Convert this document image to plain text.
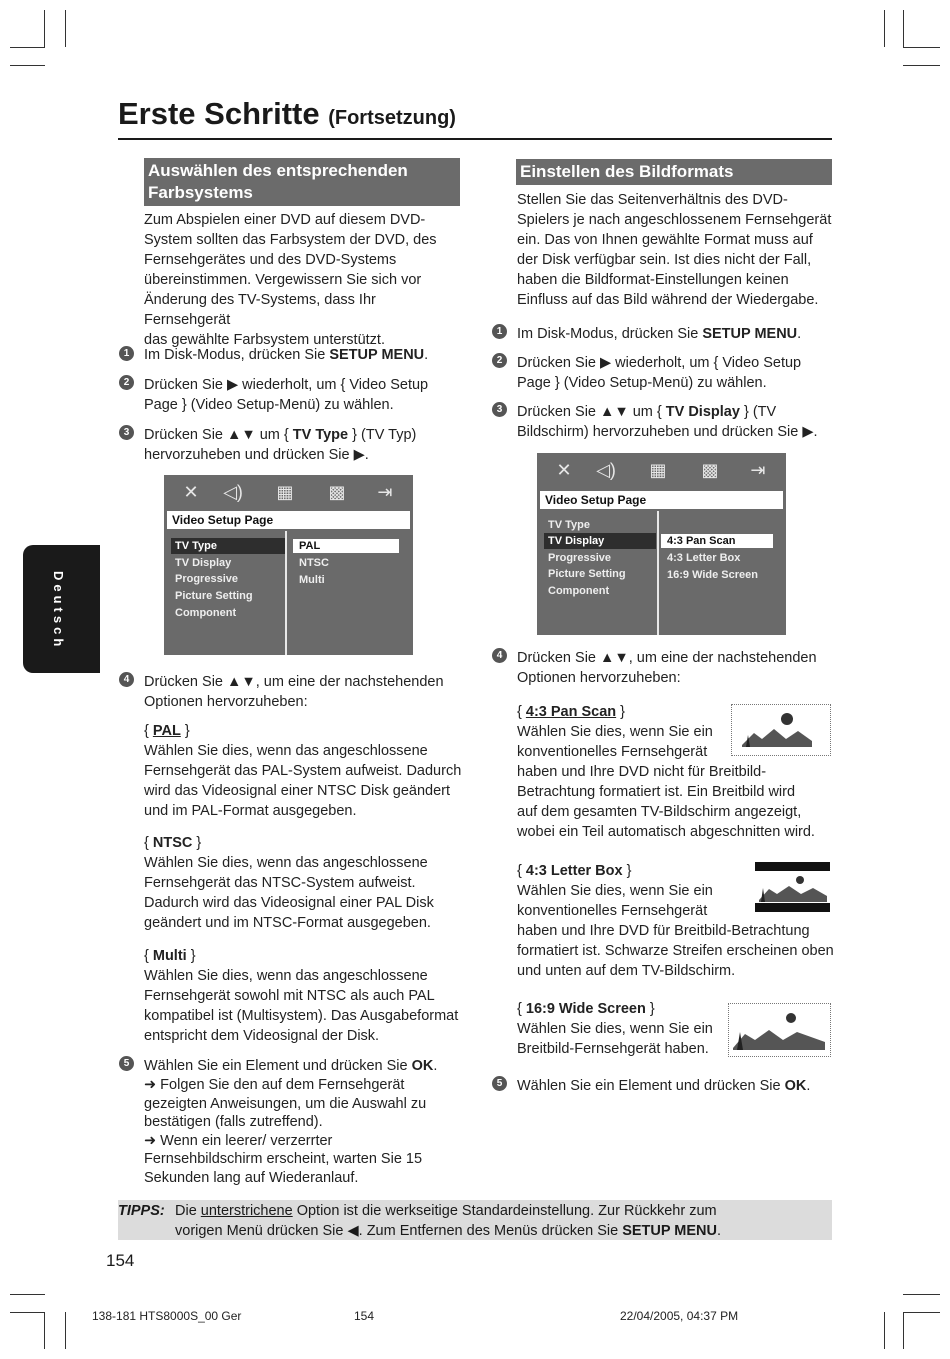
Erste Schritte (Fortsetzung)
Deutsch
Auswählen des entsprechenden
Farbsystems
Zum Abspielen einer DVD auf diesem DVD-
System sollten das Farbsystem der DVD, des
Fernsehgerätes und des DVD-Systems
übereinstimmen. Vergewissern Sie sich vor
Änderung des TV-Systems, dass Ihr Fernsehgerät
das gewählte Farbsystem unterstützt.
1	Im Disk-Modus, drücken Sie SETUP MENU.
2	Drücken Sie ▶ wiederholt, um { Video Setup
Page } (Video Setup-Menü) zu wählen.
3	Drücken Sie ▲▼ um { TV Type } (TV Typ)
hervorzuheben und drücken Sie ▶.
✕	◁) ▦ ▩	⇥
Video Setup Page
TV Type
TV Display
Progressive
Picture Setting
Component
PAL
NTSC
Multi
4	Drücken Sie ▲▼, um eine der nachstehenden
Optionen hervorzuheben:
{ PAL }
Wählen Sie dies, wenn das angeschlossene
Fernsehgerät das PAL-System aufweist. Dadurch
wird das Videosignal einer NTSC Disk geändert
und im PAL-Format ausgegeben.
{ NTSC }
Wählen Sie dies, wenn das angeschlossene
Fernsehgerät das NTSC-System aufweist.
Dadurch wird das Videosignal einer PAL Disk
geändert und im NTSC-Format ausgegeben.
{ Multi }
Wählen Sie dies, wenn das angeschlossene
Fernsehgerät sowohl mit NTSC als auch PAL
kompatibel ist (Multisystem). Das Ausgabeformat
entspricht dem Videosignal der Disk.
5	Wählen Sie ein Element und drücken Sie OK.
➜ Folgen Sie den auf dem Fernsehgerät
gezeigten Anweisungen, um die Auswahl zu
bestätigen (falls zutreffend).
➜ Wenn ein leerer/ verzerrter
Fernsehbildschirm erscheint, warten Sie 15
Sekunden lang auf Wiederanlauf.
Einstellen des Bildformats
Stellen Sie das Seitenverhältnis des DVD-
Spielers je nach angeschlossenem Fernsehgerät
ein. Das von Ihnen gewählte Format muss auf
der Disk verfügbar sein. Ist dies nicht der Fall,
haben die Bildformat-Einstellungen keinen
Einfluss auf das Bild während der Wiedergabe.
1	Im Disk-Modus, drücken Sie SETUP MENU.
2	Drücken Sie ▶ wiederholt, um { Video Setup
Page } (Video Setup-Menü) zu wählen.
3	Drücken Sie ▲▼ um { TV Display } (TV
Bildschirm) hervorzuheben und drücken Sie ▶.
✕	◁) ▦ ▩	⇥
Video Setup Page
TV Type
TV Display
Progressive
Picture Setting
Component
4:3 Pan Scan
4:3 Letter Box
16:9 Wide Screen
4	Drücken Sie ▲▼, um eine der nachstehenden
Optionen hervorzuheben:
{ 4:3 Pan Scan }
Wählen Sie dies, wenn Sie ein
konventionelles Fernsehgerät
haben und Ihre DVD nicht für Breitbild-
Betrachtung formatiert ist. Ein Breitbild wird
auf dem gesamten TV-Bildschirm angezeigt,
wobei ein Teil automatisch abgeschnitten wird.
{ 4:3 Letter Box }
Wählen Sie dies, wenn Sie ein
konventionelles Fernsehgerät
haben und Ihre DVD für Breitbild-Betrachtung
formatiert ist. Schwarze Streifen erscheinen oben
und unten auf dem TV-Bildschirm.
{ 16:9 Wide Screen }
Wählen Sie dies, wenn Sie ein
Breitbild-Fernsehgerät haben.
5	Wählen Sie ein Element und drücken Sie OK.
TIPPS: Die unterstrichene Option ist die werkseitige Standardeinstellung. Zur Rückkehr zum
vorigen Menü drücken Sie ◀. Zum Entfernen des Menüs drücken Sie SETUP MENU.
154
138-181 HTS8000S_00 Ger	154	22/04/2005, 04:37 PM
